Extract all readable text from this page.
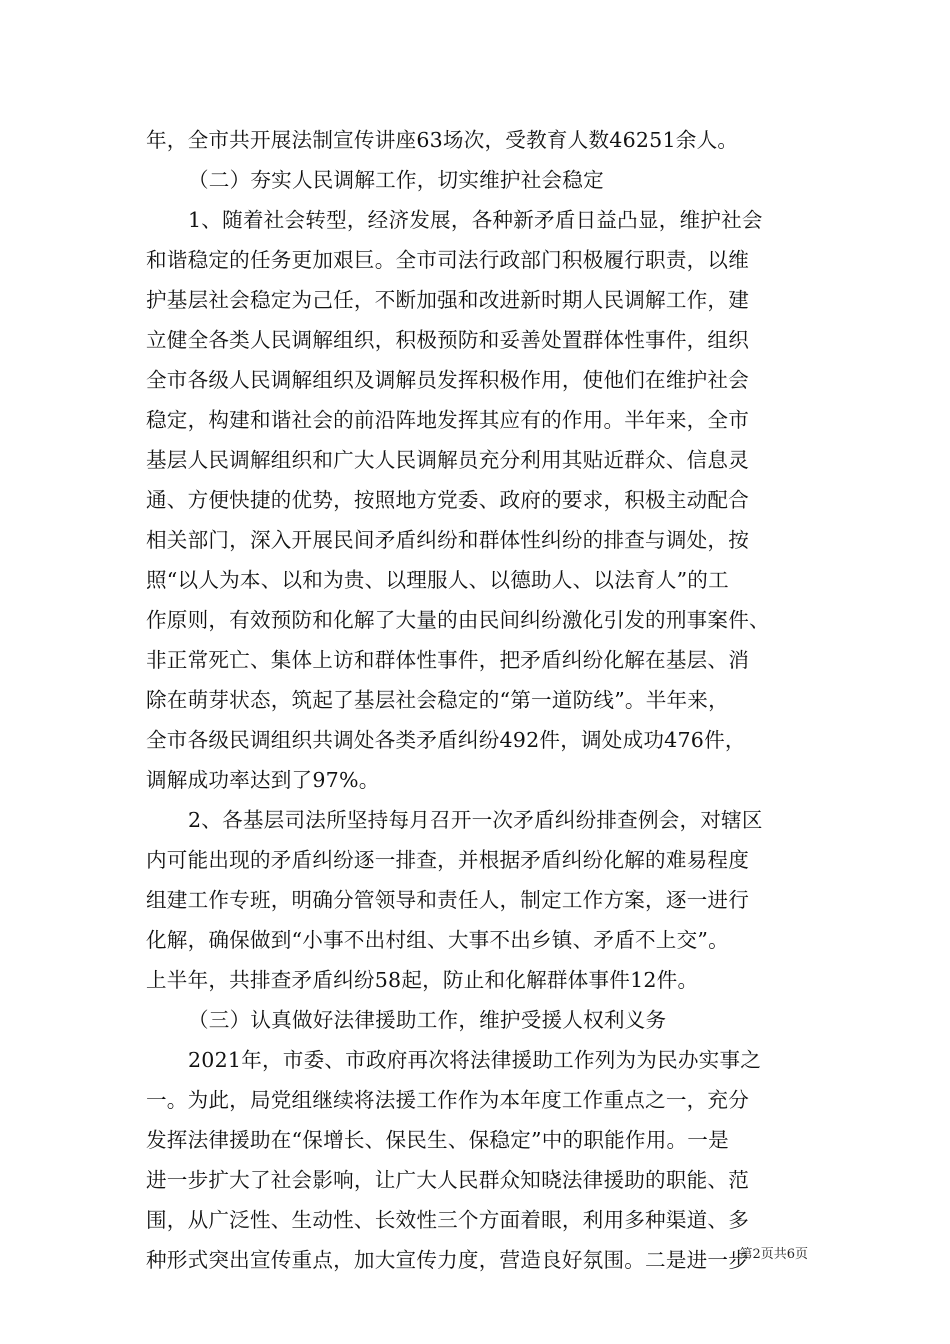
年，全市共开展法制宣传讲座63场次，受教育人数46251余人。
（二）夯实人民调解工作，切实维护社会稳定
1、随着社会转型，经济发展，各种新矛盾日益凸显，维护社会
和谐稳定的任务更加艰巨。全市司法行政部门积极履行职责，以维
护基层社会稳定为己任，不断加强和改进新时期人民调解工作，建
立健全各类人民调解组织，积极预防和妥善处置群体性事件，组织
全市各级人民调解组织及调解员发挥积极作用，使他们在维护社会
稳定，构建和谐社会的前沿阵地发挥其应有的作用。半年来，全市
基层人民调解组织和广大人民调解员充分利用其贴近群众、信息灵
通、方便快捷的优势，按照地方党委、政府的要求，积极主动配合
相关部门，深入开展民间矛盾纠纷和群体性纠纷的排查与调处，按
照“以人为本、以和为贵、以理服人、以德助人、以法育人”的工
作原则，有效预防和化解了大量的由民间纠纷激化引发的刑事案件、
非正常死亡、集体上访和群体性事件，把矛盾纠纷化解在基层、消
除在萌芽状态，筑起了基层社会稳定的“第一道防线”。半年来，
全市各级民调组织共调处各类矛盾纠纷492件，调处成功476件，
调解成功率达到了97%。
2、各基层司法所坚持每月召开一次矛盾纠纷排查例会，对辖区
内可能出现的矛盾纠纷逐一排查，并根据矛盾纠纷化解的难易程度
组建工作专班，明确分管领导和责任人，制定工作方案，逐一进行
化解，确保做到“小事不出村组、大事不出乡镇、矛盾不上交”。
上半年，共排查矛盾纠纷58起，防止和化解群体事件12件。
（三）认真做好法律援助工作，维护受援人权利义务
2021年，市委、市政府再次将法律援助工作列为为民办实事之
一。为此，局党组继续将法援工作作为本年度工作重点之一，充分
发挥法律援助在“保增长、保民生、保稳定”中的职能作用。一是
进一步扩大了社会影响，让广大人民群众知晓法律援助的职能、范
围，从广泛性、生动性、长效性三个方面着眼，利用多种渠道、多
种形式突出宣传重点，加大宣传力度，营造良好氛围。二是进一步
第2页共6页
